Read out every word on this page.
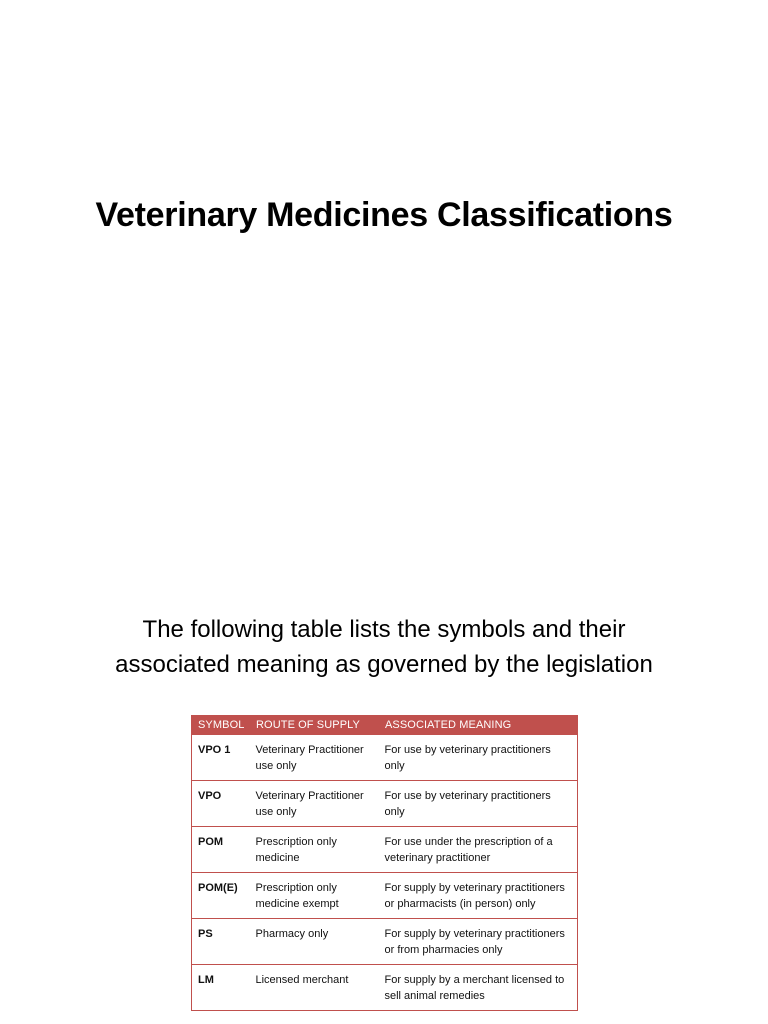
Veterinary Medicines Classifications
The following table lists the symbols and their
associated meaning as governed by the legislation
SYMBOL	ROUTE OF SUPPLY	ASSOCIATED MEANING
VPO 1	Veterinary Practitioner use only	For use by veterinary practitioners only
VPO	Veterinary Practitioner use only	For use by veterinary practitioners only
POM	Prescription only medicine	For use under the prescription of a veterinary practitioner
POM(E)	Prescription only medicine exempt	For supply by veterinary practitioners or pharmacists (in person) only
PS	Pharmacy only	For supply by veterinary practitioners or from pharmacies only
LM	Licensed merchant	For supply by a merchant licensed to sell animal remedies
